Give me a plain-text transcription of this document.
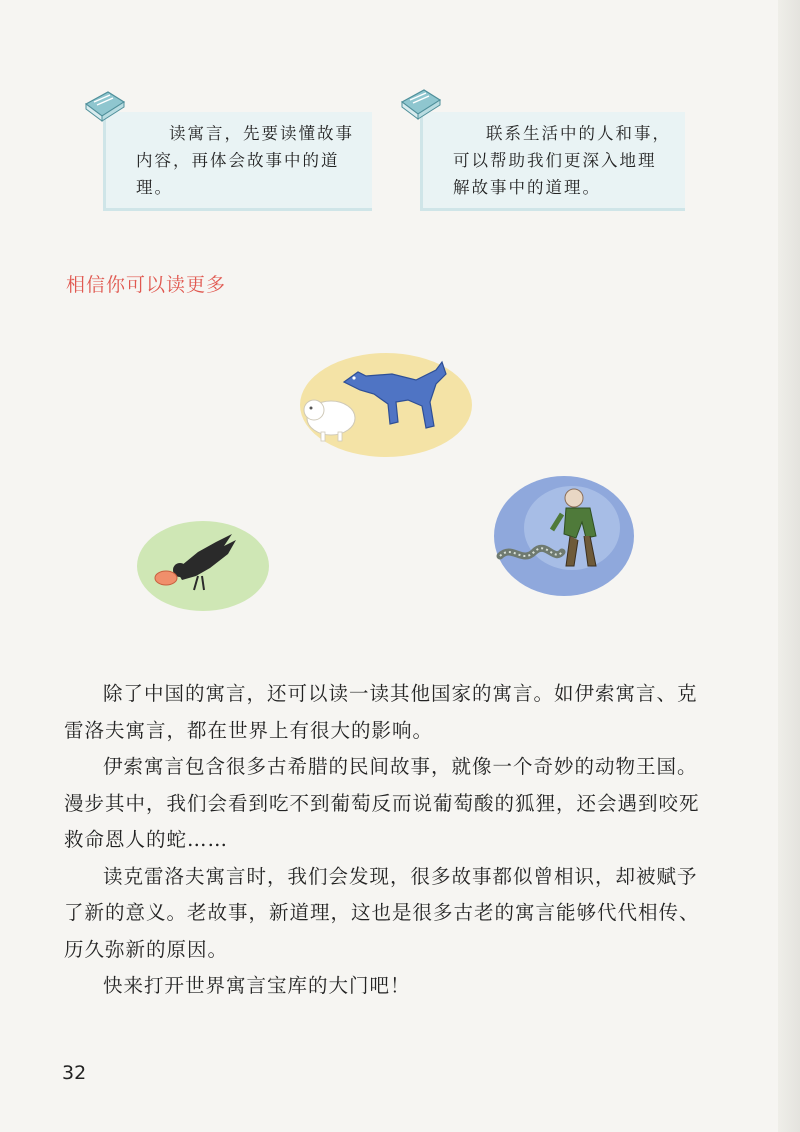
读寓言，先要读懂故事内容，再体会故事中的道理。
联系生活中的人和事，可以帮助我们更深入地理解故事中的道理。
相信你可以读更多

除了中国的寓言，还可以读一读其他国家的寓言。如伊索寓言、克雷洛夫寓言，都在世界上有很大的影响。

伊索寓言包含很多古希腊的民间故事，就像一个奇妙的动物王国。漫步其中，我们会看到吃不到葡萄反而说葡萄酸的狐狸，还会遇到咬死救命恩人的蛇……

读克雷洛夫寓言时，我们会发现，很多故事都似曾相识，却被赋予了新的意义。老故事，新道理，这也是很多古老的寓言能够代代相传、历久弥新的原因。

快来打开世界寓言宝库的大门吧！

32
